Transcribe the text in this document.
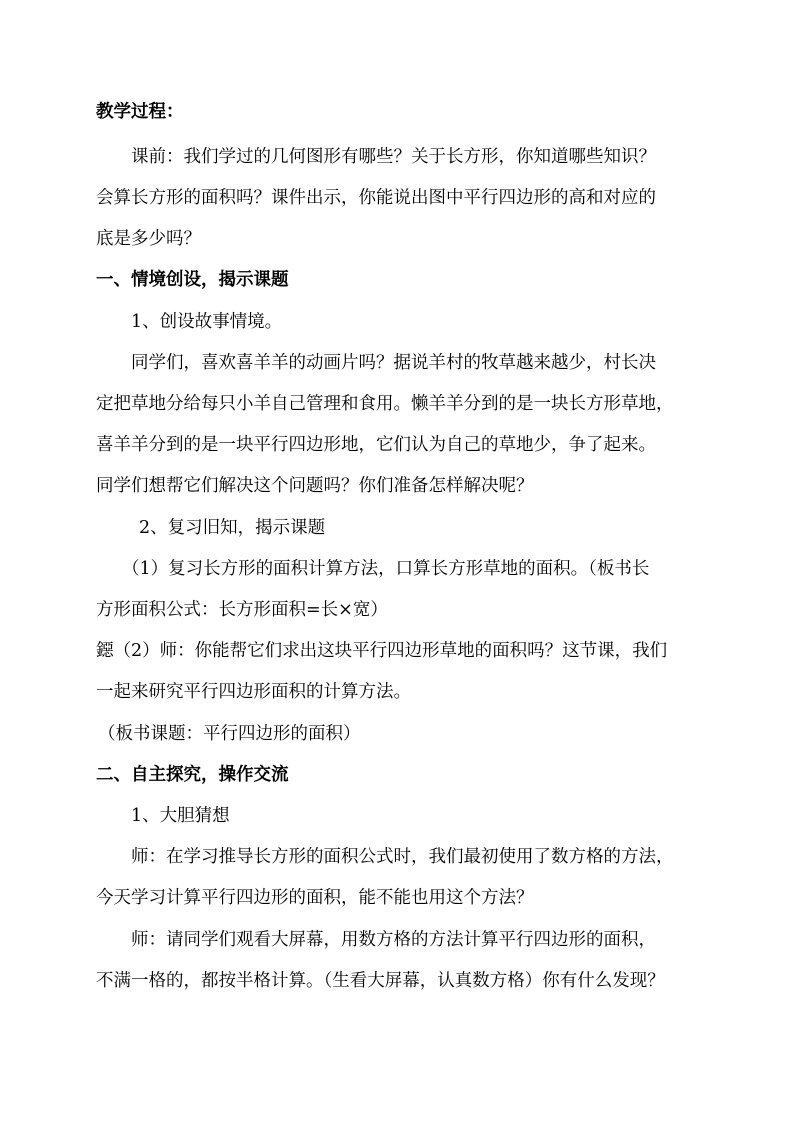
教学过程：
课前：我们学过的几何图形有哪些？关于长方形，你知道哪些知识？
会算长方形的面积吗？课件出示，你能说出图中平行四边形的高和对应的
底是多少吗？
一、情境创设，揭示课题
1、创设故事情境。
同学们，喜欢喜羊羊的动画片吗？据说羊村的牧草越来越少，村长决
定把草地分给每只小羊自己管理和食用。懒羊羊分到的是一块长方形草地，
喜羊羊分到的是一块平行四边形地，它们认为自己的草地少，争了起来。
同学们想帮它们解决这个问题吗？你们准备怎样解决呢？
2、复习旧知，揭示课题
（1）复习长方形的面积计算方法，口算长方形草地的面积。（板书长
方形面积公式：长方形面积=长×宽）
鐚（2）师：你能帮它们求出这块平行四边形草地的面积吗？这节课，我们
一起来研究平行四边形面积的计算方法。
（板书课题：平行四边形的面积）
二、自主探究，操作交流
1、大胆猜想
师：在学习推导长方形的面积公式时，我们最初使用了数方格的方法，
今天学习计算平行四边形的面积，能不能也用这个方法？
师：请同学们观看大屏幕，用数方格的方法计算平行四边形的面积，
不满一格的，都按半格计算。（生看大屏幕，认真数方格）你有什么发现？
